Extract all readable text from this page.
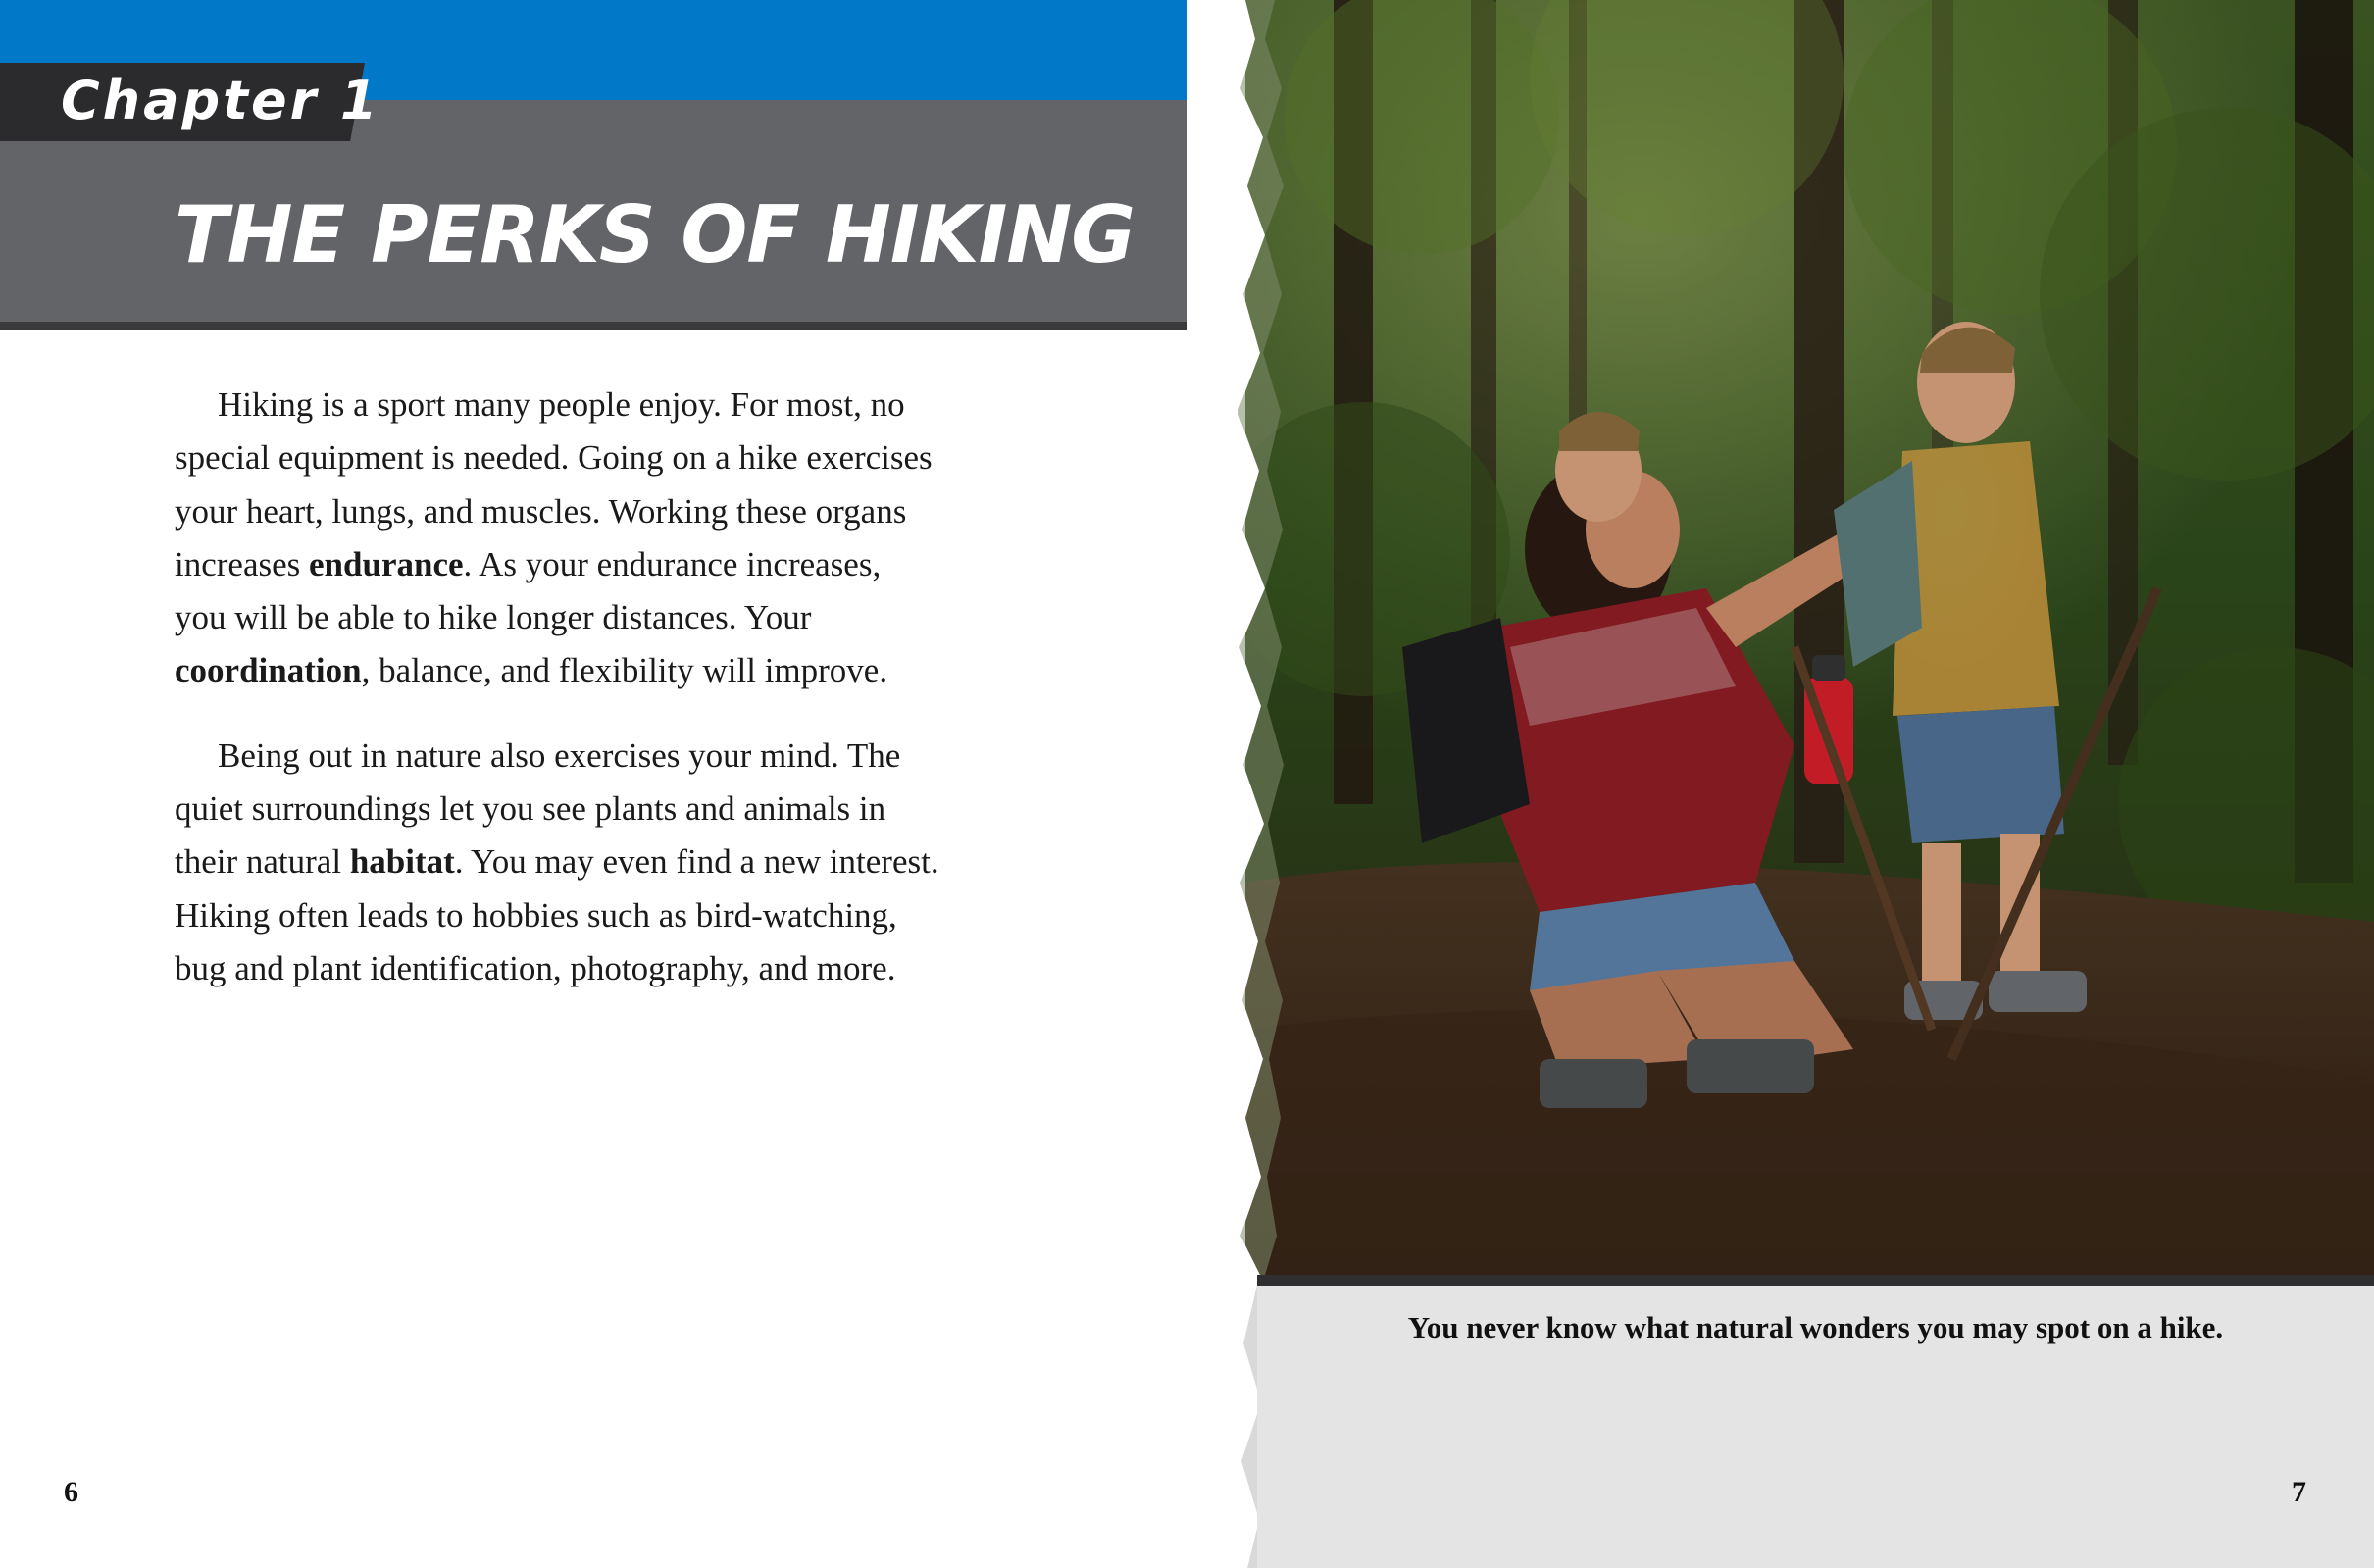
Chapter 1
THE PERKS OF HIKING

Hiking is a sport many people enjoy. For most, no special equipment is needed. Going on a hike exercises your heart, lungs, and muscles. Working these organs increases endurance. As your endurance increases, you will be able to hike longer distances. Your coordination, balance, and flexibility will improve.

Being out in nature also exercises your mind. The quiet surroundings let you see plants and animals in their natural habitat. You may even find a new interest. Hiking often leads to hobbies such as bird-watching, bug and plant identification, photography, and more.

6
You never know what natural wonders you may spot on a hike.
7
